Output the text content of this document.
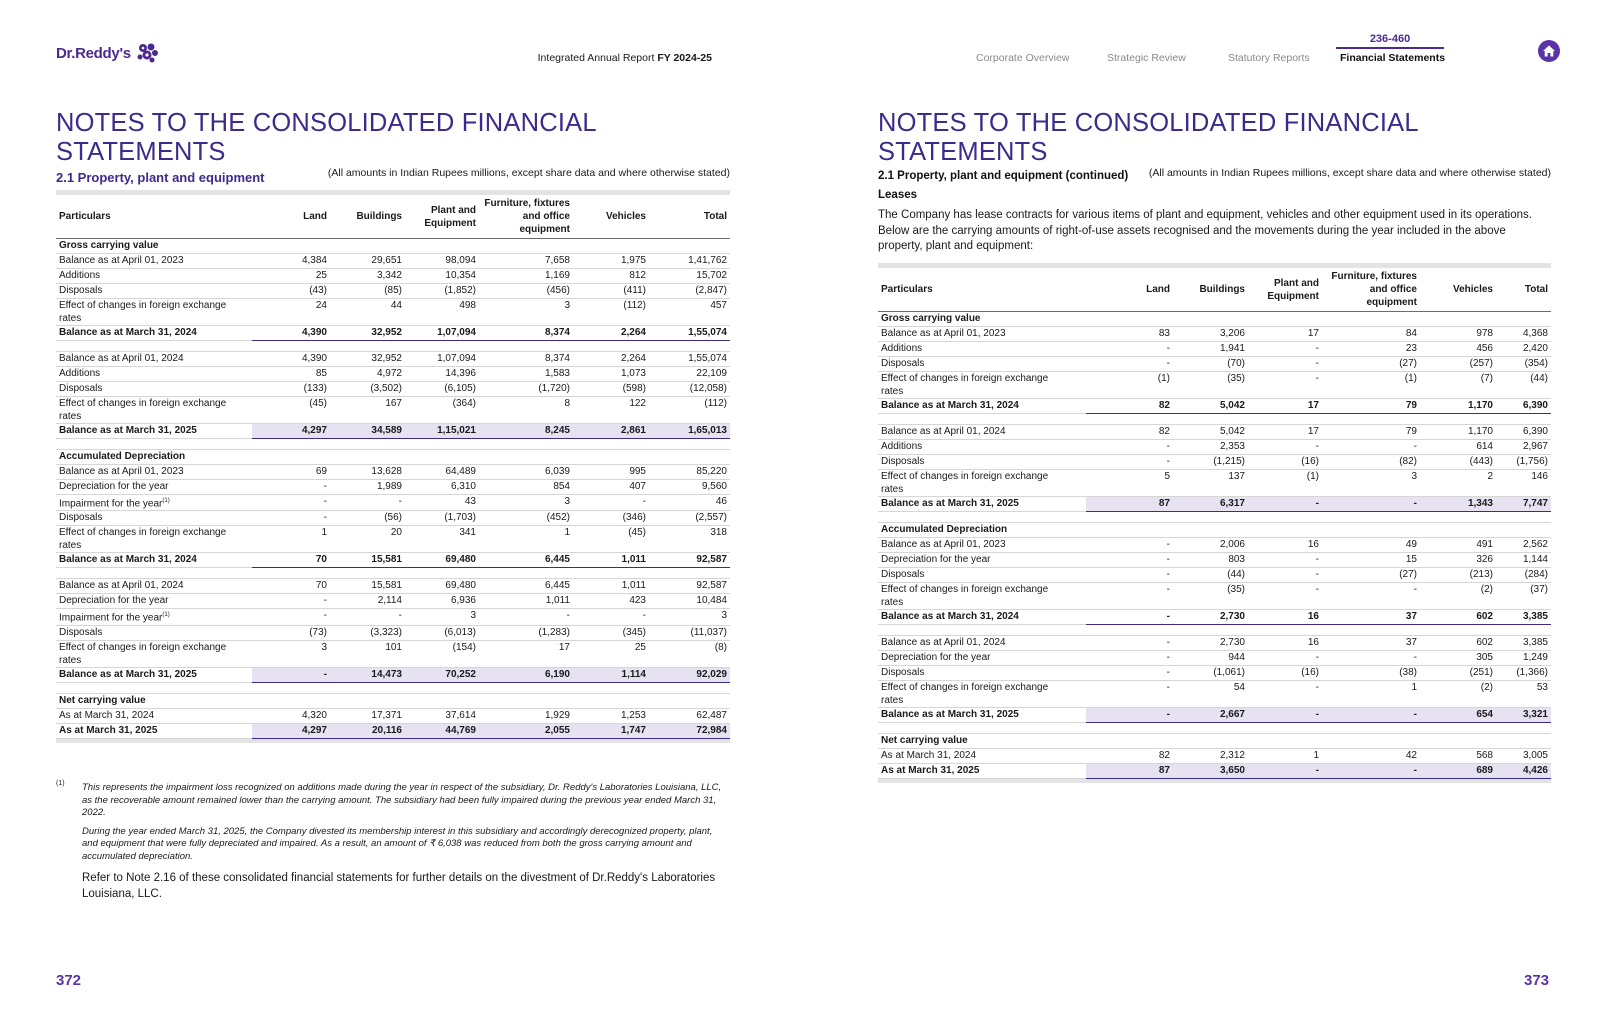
Dr.Reddy's	Integrated Annual Report FY 2024-25	Corporate Overview	Strategic Review	Statutory Reports
236-460
Financial Statements
NOTES TO THE CONSOLIDATED FINANCIAL STATEMENTS
(All amounts in Indian Rupees millions, except share data and where otherwise stated)
2.1 Property, plant and equipment
Particulars	Land	Buildings	Plant and Equipment	Furniture, fixtures and office equipment	Vehicles	Total
Gross carrying value						
Balance as at April 01, 2023	4,384	29,651	98,094	7,658	1,975	1,41,762
Additions	25	3,342	10,354	1,169	812	15,702
Disposals	(43)	(85)	(1,852)	(456)	(411)	(2,847)
Effect of changes in foreign exchange rates	24	44	498	3	(112)	457
Balance as at March 31, 2024	4,390	32,952	1,07,094	8,374	2,264	1,55,074

Balance as at April 01, 2024	4,390	32,952	1,07,094	8,374	2,264	1,55,074
Additions	85	4,972	14,396	1,583	1,073	22,109
Disposals	(133)	(3,502)	(6,105)	(1,720)	(598)	(12,058)
Effect of changes in foreign exchange rates	(45)	167	(364)	8	122	(112)
Balance as at March 31, 2025	4,297	34,589	1,15,021	8,245	2,861	1,65,013

Accumulated Depreciation						
Balance as at April 01, 2023	69	13,628	64,489	6,039	995	85,220
Depreciation for the year	-	1,989	6,310	854	407	9,560
Impairment for the year$^{(1)}$	-	-	43	3	-	46
Disposals	-	(56)	(1,703)	(452)	(346)	(2,557)
Effect of changes in foreign exchange rates	1	20	341	1	(45)	318
Balance as at March 31, 2024	70	15,581	69,480	6,445	1,011	92,587

Balance as at April 01, 2024	70	15,581	69,480	6,445	1,011	92,587
Depreciation for the year	-	2,114	6,936	1,011	423	10,484
Impairment for the year$^{(1)}$	-	-	3	-	-	3
Disposals	(73)	(3,323)	(6,013)	(1,283)	(345)	(11,037)
Effect of changes in foreign exchange rates	3	101	(154)	17	25	(8)
Balance as at March 31, 2025	-	14,473	70,252	6,190	1,114	92,029

Net carrying value						
As at March 31, 2024	4,320	17,371	37,614	1,929	1,253	62,487
As at March 31, 2025	4,297	20,116	44,769	2,055	1,747	72,984
(1) This represents the impairment loss recognized on additions made during the year in respect of the subsidiary, Dr. Reddy's Laboratories Louisiana, LLC, as the recoverable amount remained lower than the carrying amount. The subsidiary had been fully impaired during the previous year ended March 31, 2022.
During the year ended March 31, 2025, the Company divested its membership interest in this subsidiary and accordingly derecognized property, plant, and equipment that were fully depreciated and impaired. As a result, an amount of ₹ 6,038 was reduced from both the gross carrying amount and accumulated depreciation.
Refer to Note 2.16 of these consolidated financial statements for further details on the divestment of Dr.Reddy's Laboratories Louisiana, LLC.
372
NOTES TO THE CONSOLIDATED FINANCIAL STATEMENTS
(All amounts in Indian Rupees millions, except share data and where otherwise stated)
2.1 Property, plant and equipment (continued)
Leases
The Company has lease contracts for various items of plant and equipment, vehicles and other equipment used in its operations. Below are the carrying amounts of right-of-use assets recognised and the movements during the year included in the above property, plant and equipment:
Particulars	Land	Buildings	Plant and Equipment	Furniture, fixtures and office equipment	Vehicles	Total
Gross carrying value						
Balance as at April 01, 2023	83	3,206	17	84	978	4,368
Additions	-	1,941	-	23	456	2,420
Disposals	-	(70)	-	(27)	(257)	(354)
Effect of changes in foreign exchange rates	(1)	(35)	-	(1)	(7)	(44)
Balance as at March 31, 2024	82	5,042	17	79	1,170	6,390

Balance as at April 01, 2024	82	5,042	17	79	1,170	6,390
Additions	-	2,353	-	-	614	2,967
Disposals	-	(1,215)	(16)	(82)	(443)	(1,756)
Effect of changes in foreign exchange rates	5	137	(1)	3	2	146
Balance as at March 31, 2025	87	6,317	-	-	1,343	7,747

Accumulated Depreciation						
Balance as at April 01, 2023	-	2,006	16	49	491	2,562
Depreciation for the year	-	803	-	15	326	1,144
Disposals	-	(44)	-	(27)	(213)	(284)
Effect of changes in foreign exchange rates	-	(35)	-	-	(2)	(37)
Balance as at March 31, 2024	-	2,730	16	37	602	3,385

Balance as at April 01, 2024	-	2,730	16	37	602	3,385
Depreciation for the year	-	944	-	-	305	1,249
Disposals	-	(1,061)	(16)	(38)	(251)	(1,366)
Effect of changes in foreign exchange rates	-	54	-	1	(2)	53
Balance as at March 31, 2025	-	2,667	-	-	654	3,321

Net carrying value						
As at March 31, 2024	82	2,312	1	42	568	3,005
As at March 31, 2025	87	3,650	-	-	689	4,426
373
